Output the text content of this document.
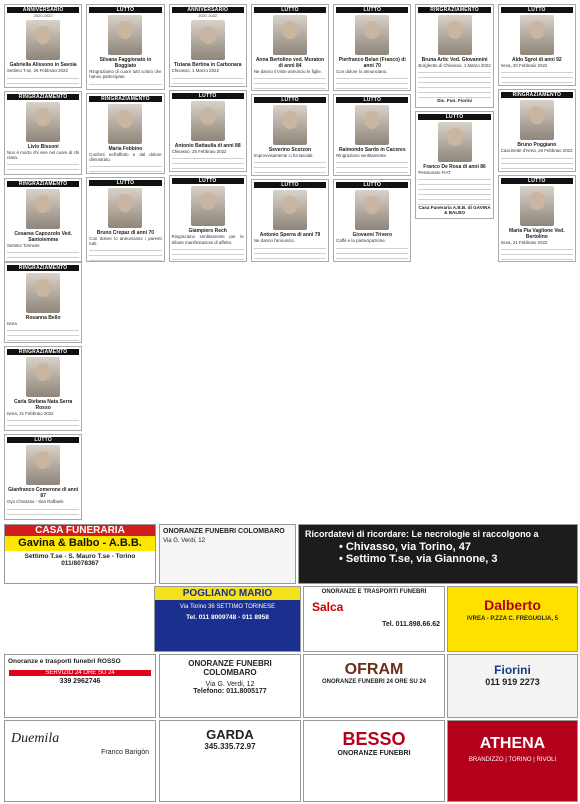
ANNIVERSARIO
2020 2022
Gabriella Alissono in Savoia
Settimo T.se, 25 Febbraio 2022
RINGRAZIAMENTO
Livio Bissoni
Non è morto chi vive nel cuore di chi resta.
RINGRAZIAMENTO
Cesarea Capozzolo Ved. Santoiemma
Settimo Torinese
LUTTO
Silvana Faggionato in Boggiato
Ringraziamo di cuore tutti coloro che hanno partecipato.
RINGRAZIAMENTO
Maria Febbino
Conforti nell'affetto e dal dolore dimostrato.
LUTTO
Bruno Crepaz di anni 70
Con dolore lo annunciano i parenti tutti.
ANNIVERSARIO
2021 2022
Tiziana Bertina in Carbonara
Chivasso, 1 Marzo 2022
LUTTO
Antonio Battaulia di anni 88
Chivasso, 25 Febbraio 2022
LUTTO
Giampiero Rech
Ringraziano sentitamente per le tribute manifestazioni di affetto.
LUTTO
Anna Bertolino ved. Muraton di anni 84
Ne danno il triste annuncio le figlie.
LUTTO
Severino Scorzon
Improvvisamente ci ha lasciati.
LUTTO
Antonio Sperra di anni 79
Ne danno l'annuncio.
LUTTO
Pierfranco Belan (Franco) di anni 70
Con dolore lo annunciano.
LUTTO
Raimondo Sardo in Caceres
Ringraziano sentitamente.
LUTTO
Giovanni Trivero
Caffè e la partecipazione.
RINGRAZIAMENTO
Bruna Aritc Ved. Giovannini
Borghetto di Chivasso, 1 Marzo 2022
Dic. Fun. Fiorini
LUTTO
Franco De Rosa di anni 86
Pensionato FIAT
Casa Funeraria A.B.B. di GAVINA & BALBO
LUTTO
Aldo Sgroi di anni 92
Ivrea, 20 Febbraio 2022
RINGRAZIAMENTO
Bruno Poggiano
Cascinette d'Ivrea, 26 Febbraio 2022
LUTTO
Maria Pia Vaglione Ved. Bertolino
Ivrea, 21 Febbraio 2022
RINGRAZIAMENTO
Rosanna Bello
Ivrea
RINGRAZIAMENTO
Carla Stefana Nata Serra Rosso
Ivrea, 21 Febbraio 2022
LUTTO
Gianfranco Comerone di anni 87
Oyo Chivasso - San Raffaele
CASA FUNERARIA
Gavina & Balbo - A.B.B.
Settimo T.se - S. Mauro T.se - Torino 011/8078367
ONORANZE FUNEBRI COLOMBARO
Via G. Verdi, 12
Ricordatevi di ricordare: Le necrologie si raccolgono a
• Chivasso, via Torino, 47
• Settimo T.se, via Giannone, 3
POGLIANO MARIO
Via Torino 36 SETTIMO TORINESE
Tel. 011 8009748 - 011 8958
ONORANZE E TRASPORTI FUNEBRI
Salca
Tel. 011.898.66.62
Dalberto
IVREA - P.ZZA C. FREGUGLIA, 5
Onoranze e trasporti funebri ROSSO
SERVIZIO 24 ORE SU 24
339 2962746
ONORANZE FUNEBRI COLOMBARO
Via G. Verdi, 12
Telefono: 011.8005177
OFRAM
ONORANZE FUNEBRI 24 ORE SU 24
Fiorini
011 919 2273
Duemila
Franco Barigòn
GARDA
345.335.72.97	BESSO
ONORANZE FUNEBRI
ATHENA
BRANDIZZO | TORINO | RIVOLI
